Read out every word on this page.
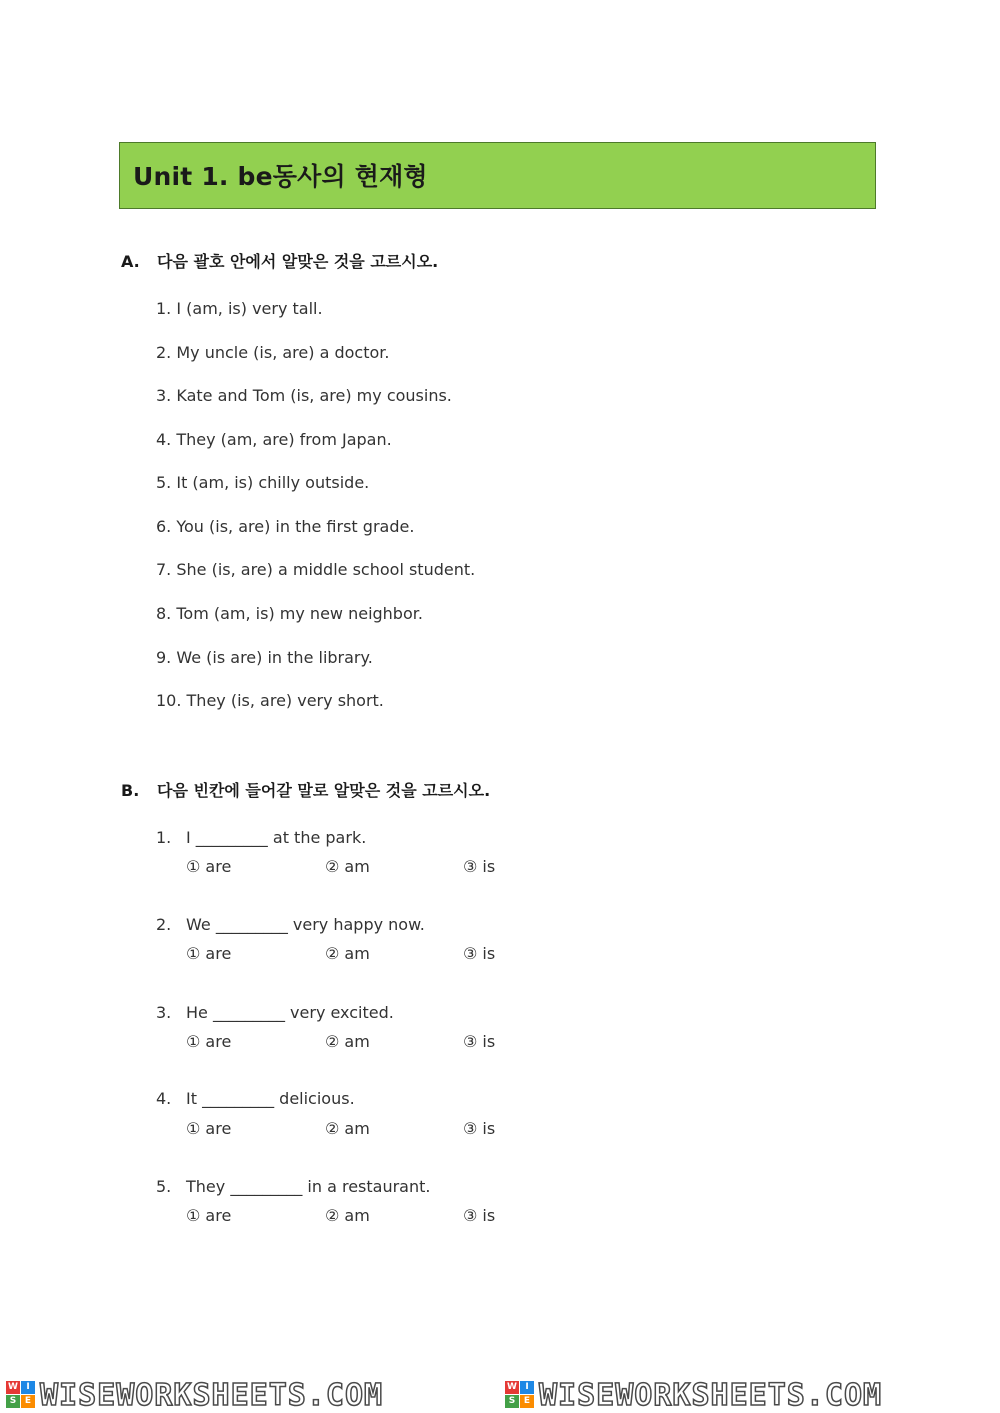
Unit 1. be동사의 현재형
A. 다음 괄호 안에서 알맞은 것을 고르시오.
1. I (am, is) very tall.
2. My uncle (is, are) a doctor.
3. Kate and Tom (is, are) my cousins.
4. They (am, are) from Japan.
5. It (am, is) chilly outside.
6. You (is, are) in the first grade.
7. She (is, are) a middle school student.
8. Tom (am, is) my new neighbor.
9. We (is are) in the library.
10. They (is, are) very short.
B. 다음 빈칸에 들어갈 말로 알맞은 것을 고르시오.
1. I _________ at the park.
① are	② am	③ is
2. We _________ very happy now.
① are	② am	③ is
3. He _________ very excited.
① are	② am	③ is
4. It _________ delicious.
① are	② am	③ is
5. They _________ in a restaurant.
① are	② am	③ is
W I
S E WISEWORKSHEETS.COM	W I
S E WISEWORKSHEETS.COM
